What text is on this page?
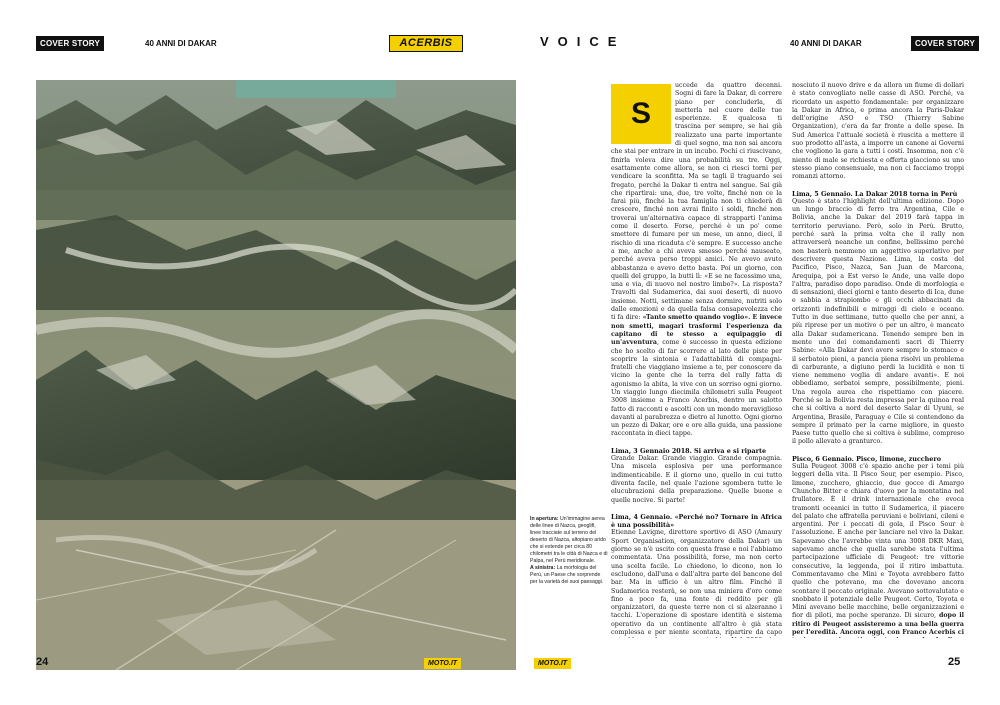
COVER STORY	40 ANNI DI DAKAR	ACERBIS	VOICE	40 ANNI DI DAKAR	COVER STORY
In apertura: Un'immagine aerea delle linee di Nazca, geoglifi, linee tracciate sul terreno del deserto di Nazca, altopiano arido che si estende per circa 80 chilometri tra le città di Nazca e di Palpa, nel Perù meridionale.
A sinistra: La morfologia del Perù, un Paese che sorprende per la varietà dei suoi paesaggi.
S

uccede da quattro decenni. Sogni di fare la Dakar, di correre piano per concluderla, di metterla nel cuore delle tue esperienze. E qualcosa ti trascina per sempre, se hai già realizzato una parte importante di quel sogno, ma non sai ancora che stai per entrare in un incubo. Pochi ci riuscivano, finirla voleva dire una probabilità su tre. Oggi, esattamente come allora, se non ci riesci torni per vendicare la sconfitta. Ma se tagli il traguardo sei fregato, perché la Dakar ti entra nel sangue. Sai già che ripartirai: una, due, tre volte, finché non ce la farai più, finché la tua famiglia non ti chiederà di crescere, finché non avrai finito i soldi, finché non troverai un'alternativa capace di strapparti l'anima come il deserto. Forse, perché è un po' come smettere di fumare per un mese, un anno, dieci, il rischio di una ricaduta c'è sempre. E successo anche a me, anche a chi aveva smesso perché nauseato, perché aveva perso troppi amici. Ne avevo avuto abbastanza e avevo detto basta. Poi un giorno, con quelli del gruppo, la butti lì: «E se ne facessimo una, una e via, di nuovo nel nostro limbo?». La risposta? Travolti dal Sudamerica, dai suoi deserti, di nuovo insieme. Notti, settimane senza dormire, nutriti solo dalle emozioni e da quella falsa consapevolezza che ti fa dire: «Tanto smetto quando voglio». E invece non smetti, magari trasformi l'esperienza da capitano di te stesso a equipaggio di un'avventura, come è successo in questa edizione che ho scelto di far scorrere al lato delle piste per scoprire la sintonia e l'adattabilità di compagni-fratelli che viaggiano insieme a te, per conoscere da vicino la gente che la terra del rally fatta di agonismo la abita, la vive con un sorriso ogni giorno. Un viaggio lungo diecimila chilometri sulla Peugeot 3008 insieme a Franco Acerbis, dentro un salotto fatto di racconti e ascolti con un mondo meraviglioso davanti al parabrezza e dietro al lunotto. Ogni giorno un pezzo di Dakar, ore e ore alla guida, una passione raccontata in dieci tappe.

Lima, 3 Gennaio 2018. Si arriva e si riparte

Grande Dakar. Grande viaggio. Grande compagnia. Una miscela esplosiva per una performance indimenticabile. E il giorno uno, quello in cui tutto diventa facile, nel quale l'azione sgombera tutte le elucubrazioni della preparazione. Quelle buone e quelle nocive. Si parte!

Lima, 4 Gennaio. «Perché no? Tornare in Africa è una possibilità»

Etienne Lavigne, direttore sportivo di ASO (Amaury Sport Organisation, organizzatore della Dakar) un giorno se n'è uscito con questa frase e noi l'abbiamo commentata. Una possibilità, forse, ma non certo una scelta facile. Lo chiedono, lo dicono, non lo escludono, dall'una e dall'altra parte del bancone del bar. Ma in ufficio è un altro film. Finché il Sudamerica resterà, se non una miniera d'oro come fino a poco fa, una fonte di reddito per gli organizzatori, da queste terre non ci si alzeranno i tacchi. L'operazione di spostare identità e sistema operativo da un continente all'altro è già stata complessa e per niente scontata, ripartire da capo

nosciuto il nuovo drive e da allora un fiume di dollari è stato convogliato nelle casse di ASO. Perché, va ricordato un aspetto fondamentale: per organizzare la Dakar in Africa, e prima ancora la Paris-Dakar dell'origine ASO e TSO (Thierry Sabine Organization), c'era da far fronte a delle spese. In Sud America l'attuale società è riuscita a mettere il suo prodotto all'asta, a imporre un canone ai Governi che vogliono la gara a tutti i costi. Insomma, non c'è niente di male se richiesta e offerta giacciono su uno stesso piano consensuale, ma non ci facciamo troppi romanzi attorno.

Lima, 5 Gennaio. La Dakar 2018 torna in Perù

Questo è stato l'highlight dell'ultima edizione. Dopo un lungo braccio di ferro tra Argentina, Cile e Bolivia, anche la Dakar del 2019 farà tappa in territorio peruviano. Però, solo in Perù. Brutto, perché sarà la prima volta che il rally non attraverserà neanche un confine, bellissimo perché non basterà nemmeno un aggettivo superlativo per descrivere questa Nazione. Lima, la costa del Pacifico, Pisco, Nazca, San Juan de Marcona, Arequipa, poi a Est verso le Ande, una valle dopo l'altra, paradiso dopo paradiso. Onde di morfologia e di sensazioni, dieci giorni e tanto deserto di Ica, dune e sabbia a strapiombo e gli occhi abbacinati da orizzonti indefinibili e miraggi di cielo e oceano. Tutto in due settimane, tutto quello che per anni, a più riprese per un motivo o per un altro, è mancato alla Dakar sudamericana. Tenendo sempre ben in mente uno dei comandamenti sacri di Thierry Sabine: «Alla Dakar devi avere sempre lo stomaco e il serbatoio pieni, a pancia piena risolvi un problema di carburante, a digiuno perdi la lucidità e non ti viene nemmeno voglia di andare avanti». E noi obbediamo, serbatoi sempre, possibilmente, pieni. Una regola aurea che rispettiamo con piacere. Perché se la Bolivia resta impressa per la quinoa real che si coltiva a nord del deserto Salar di Uyuni, se Argentina, Brasile, Paraguay e Cile si contendono da sempre il primato per la carne migliore, in questo Paese tutto quello che si coltiva è sublime, compreso il pollo allevato a granturco.

Pisco, 6 Gennaio. Pisco, limone, zucchero

Sulla Peugeot 3008 c'è spazio anche per i temi più leggeri della vita. Il Pisco Sour, per esempio. Pisco, limone, zucchero, ghiaccio, due gocce di Amargo Chuncho Bitter e chiara d'uovo per la montatina nel frullatore. È il drink internazionale che evoca tramonti oceanici in tutto il Sudamerica, il piacere del palato che affratella peruviani e boliviani, cileni e argentini. Per i peccati di gola, il Pisco Sour è l'assoluzione. E anche per lanciare nel vivo la Dakar. Sapevamo che l'avrebbe vinta una 3008 DKR Maxi, sapevamo anche che quella sarebbe stata l'ultima partecipazione ufficiale di Peugeot: tre vittorie consecutive, la leggenda, poi il ritiro imbattuta. Commentavamo che Mini e Toyota avrebbero fatto quello che potevano, ma che dovevano ancora scontare il peccato originale. Avevano sottovalutato e snobbato il potenziale delle Peugeot. Certo, Toyota e Mini avevano belle macchine, belle organizzazioni e fior di piloti, ma poche speranze. Di sicuro, dopo il ritiro di Peugeot assisteremo a una bella guerra per l'eredità. Ancora oggi, con Franco Acerbis ci

24	MOTO.IT	MOTO.IT	25
